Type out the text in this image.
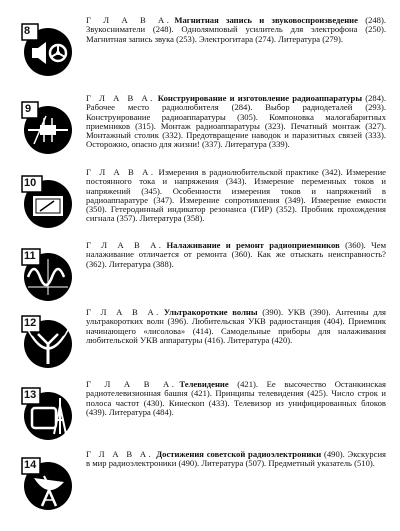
8
Г Л А В А. Магнитная запись и звуковоспроизведение (248). Звукосниматели (248). Однолямповый усилитель для электрофона (250). Магнитная запись звука (253). Электрогитара (274). Литература (279).
9
Г Л А В А. Конструирование и изготовление радиоаппаратуры (284). Рабочее место радиолюбителя (284). Выбор радиодеталей (293). Конструирование радиоаппаратуры (305). Компоновка малогабаритных приемников (315). Монтаж радиоаппаратуры (323). Печатный монтаж (327). Монтажный столик (332). Предотвращение наводок и паразитных связей (333). Осторожно, опасно для жизни! (337). Литература (339).
10
Г Л А В А. Измерения в радиолюбительской практике (342). Измерение постоянного тока и напряжения (343). Измерение переменных токов и напряжений (345). Особенности измерения токов и напряжений в радиоаппаратуре (347). Измерение сопротивления (349). Измерение емкости (350). Гетеродинный индикатор резонанса (ГИР) (352). Пробник прохождения сигнала (357). Литература (358).
11
Г Л А В А. Налаживание и ремонт радиоприемников (360). Чем налаживание отличается от ремонта (360). Как же отыскать неисправность? (362). Литература (388).
12
Г Л А В А. Ультракороткие волны (390). УКВ (390). Антенны для ультракоротких волн (396). Любительская УКВ радиостанция (404). Приемник начинающего «лисолова» (414). Самодельные приборы для налаживания любительской УКВ аппаратуры (416). Литература (420).
13
Г Л А В А. Телевидение (421). Ее высочество Останкинская радиотелевизионная башня (421). Принципы телевидения (425). Число строк и полоса частот (430). Кинескоп (433). Телевизор из унифицированных блоков (439). Литература (484).
14
Г Л А В А. Достижения советской радиоэлектроники (490). Экскурсия в мир радиоэлектроники (490). Литература (507). Предметный указатель (510).
